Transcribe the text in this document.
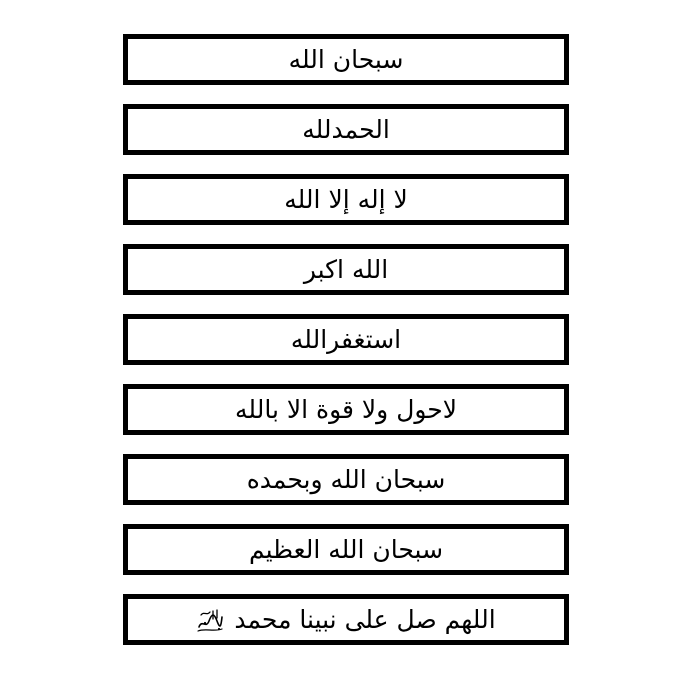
سبحان الله
الحمدلله
لا إله إلا الله
الله اكبر
استغفرالله
لاحول ولا قوة الا بالله
سبحان الله وبحمده
سبحان الله العظيم
اللهم صل على نبينا محمد
